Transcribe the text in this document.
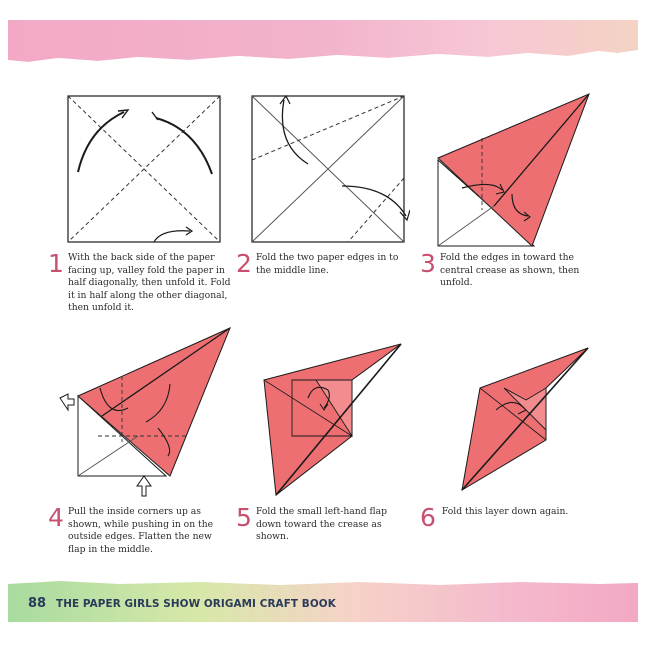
1 With the back side of the paper facing up, valley fold the paper in half diagonally, then unfold it. Fold it in half along the other diagonal, then unfold it.
2 Fold the two paper edges in to the middle line.	3 Fold the edges in toward the central crease as shown, then unfold.
4 Pull the inside corners up as shown, while pushing in on the outside edges. Flatten the new flap in the middle.
5 Fold the small left-hand flap down toward the crease as shown.
6 Fold this layer down again.
88 THE PAPER GIRLS SHOW ORIGAMI CRAFT BOOK
